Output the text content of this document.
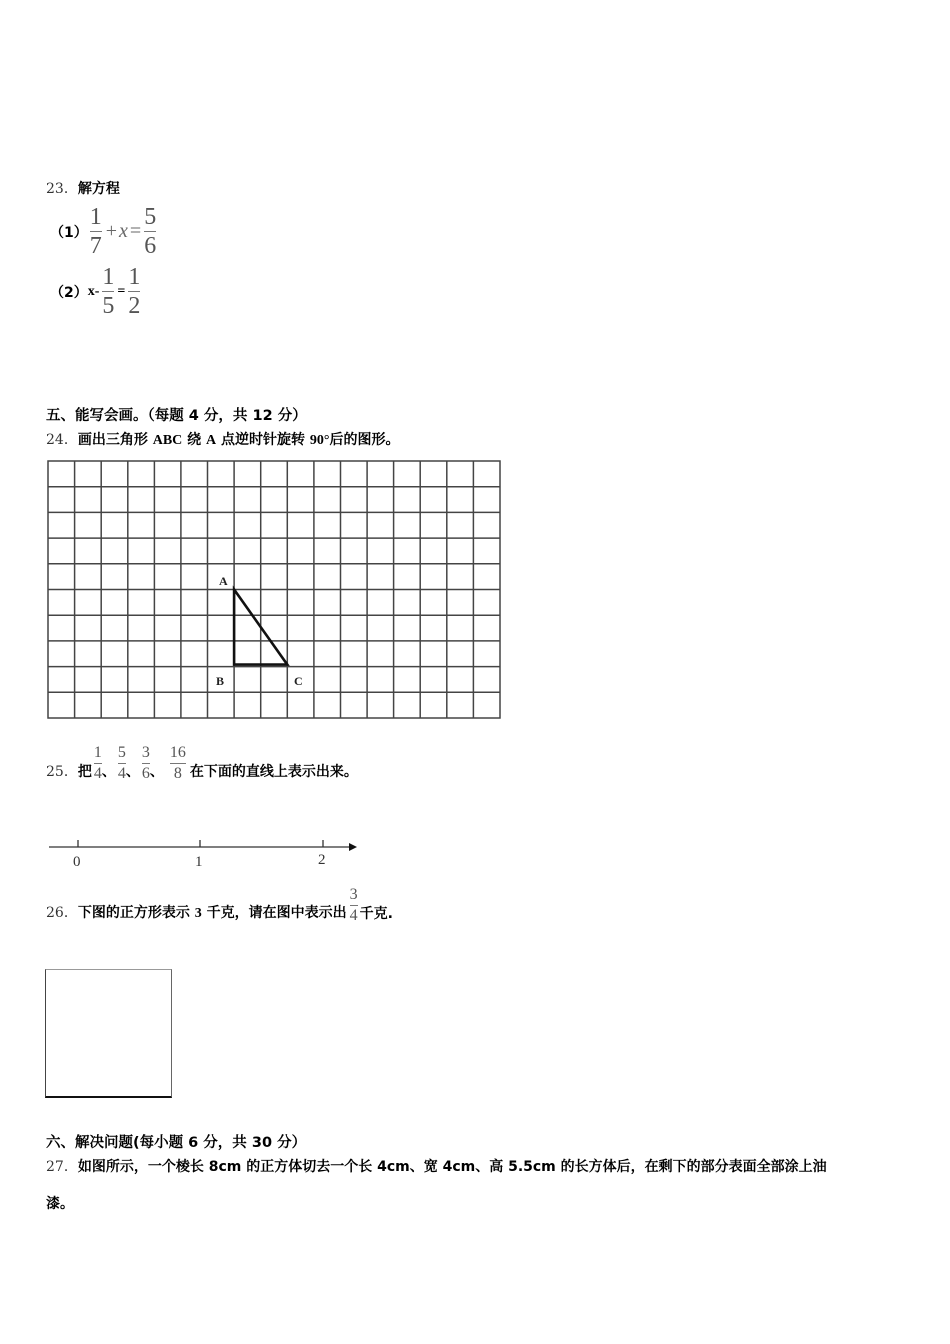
23．解方程
$(1) \frac{1}{7} + x = \frac{5}{6}$
（2） $x- \frac{1}{5} = \frac{1}{2}$
五、能写会画。（每题 4 分，共 12 分）
24．画出三角形 ABC 绕 A 点逆时针旋转 90°后的图形。
A
B	C
25．把 $\frac{1}{4}$ 、 $\frac{5}{4}$ 、 $\frac{3}{6}$ 、 $\frac{16}{8}$ 在下面的直线上表示出来。
0	1	2
26．下图的正方形表示 3 千克，请在图中表示出 $\frac{3}{4}$ 千克.
六、解决问题(每小题 6 分，共 30 分）
27．如图所示，一个棱长 8cm 的正方体切去一个长 4cm、宽 4cm、高 5.5cm 的长方体后，在剩下的部分表面全部涂上油
漆。
